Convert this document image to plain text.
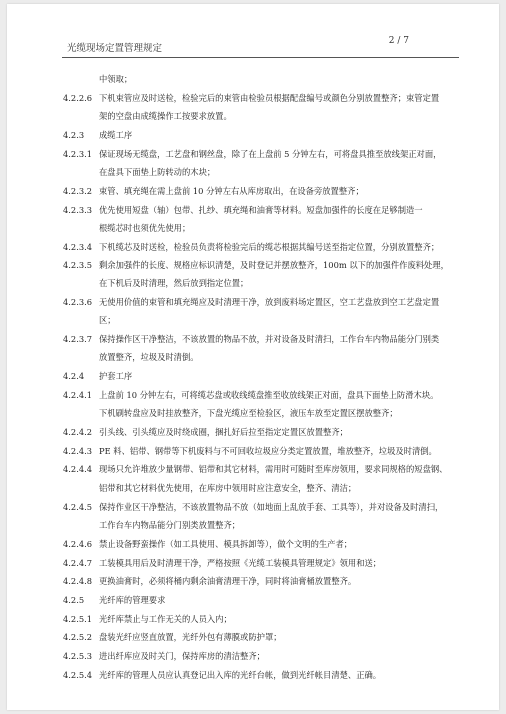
光缆现场定置管理规定
2 / 7
中领取；
4.2.2.6 下机束管应及时送检，检验完后的束管由检验员根据配盘编号或颜色分别放置整齐；束管定置
架的空盘由成缆操作工按要求放置。
4.2.3 成缆工序
4.2.3.1 保证现场无缆盘，工艺盘和钢丝盘，除了在上盘前 5 分钟左右，可将盘具推至放线架正对面，
在盘具下面垫上防转动的木块；
4.2.3.2 束管、填充绳在需上盘前 10 分钟左右从库房取出，在设备旁放置整齐；
4.2.3.3 优先使用短盘（轴）包带、扎纱、填充绳和油膏等材料。短盘加强件的长度在足够制造一
根缆芯时也须优先使用；
4.2.3.4 下机缆芯及时送检，检验员负责将检验完后的缆芯根据其编号送至指定位置，分别放置整齐；
4.2.3.5 剩余加强件的长度、规格应标识清楚，及时登记并摆放整齐，100m 以下的加强件作废料处理，
在下机后及时清理，然后放到指定位置；
4.2.3.6 无使用价值的束管和填充绳应及时清理干净，放到废料场定置区，空工艺盘放到空工艺盘定置
区；
4.2.3.7 保持操作区干净整洁，不该放置的物品不放，并对设备及时清扫，工作台车内物品能分门别类
放置整齐，垃圾及时清倒。
4.2.4 护套工序
4.2.4.1 上盘前 10 分钟左右，可将缆芯盘或收线缆盘推至收放线架正对面，盘具下面垫上防滑木块。
下机刷转盘应及时挂放整齐，下盘光缆应至检验区，液压车放至定置区摆放整齐；
4.2.4.2 引头线、引头缆应及时绕成圈，捆扎好后拉至指定定置区放置整齐；
4.2.4.3 PE 料、铝带、钢带等下机废料与不可回收垃圾应分类定置放置，堆放整齐，垃圾及时清倒。
4.2.4.4 现场只允许堆放少量钢带、铝带和其它材料，需用时可随时至库房领用，要求同规格的短盘钢、
铝带和其它材料优先使用，在库房中领用时应注意安全，整齐、清洁；
4.2.4.5 保持作业区干净整洁，不该放置物品不放（如地面上乱放手套、工具等），并对设备及时清扫，
工作台车内物品能分门别类放置整齐；
4.2.4.6 禁止设备野蛮操作（如工具使用、模具拆卸等），做个文明的生产者；
4.2.4.7 工装模具用后及时清理干净，严格按照《光缆工装模具管理规定》领用和送；
4.2.4.8 更换油膏时，必须将桶内剩余油膏清理干净，同时将油膏桶放置整齐。
4.2.5 光纤库的管理要求
4.2.5.1 光纤库禁止与工作无关的人员入内；
4.2.5.2 盘装光纤应竖直放置，光纤外包有薄膜或防护罩；
4.2.5.3 进出纤库应及时关门，保持库房的清洁整齐；
4.2.5.4 光纤库的管理人员应认真登记出入库的光纤台帐，做到光纤帐目清楚、正确。
